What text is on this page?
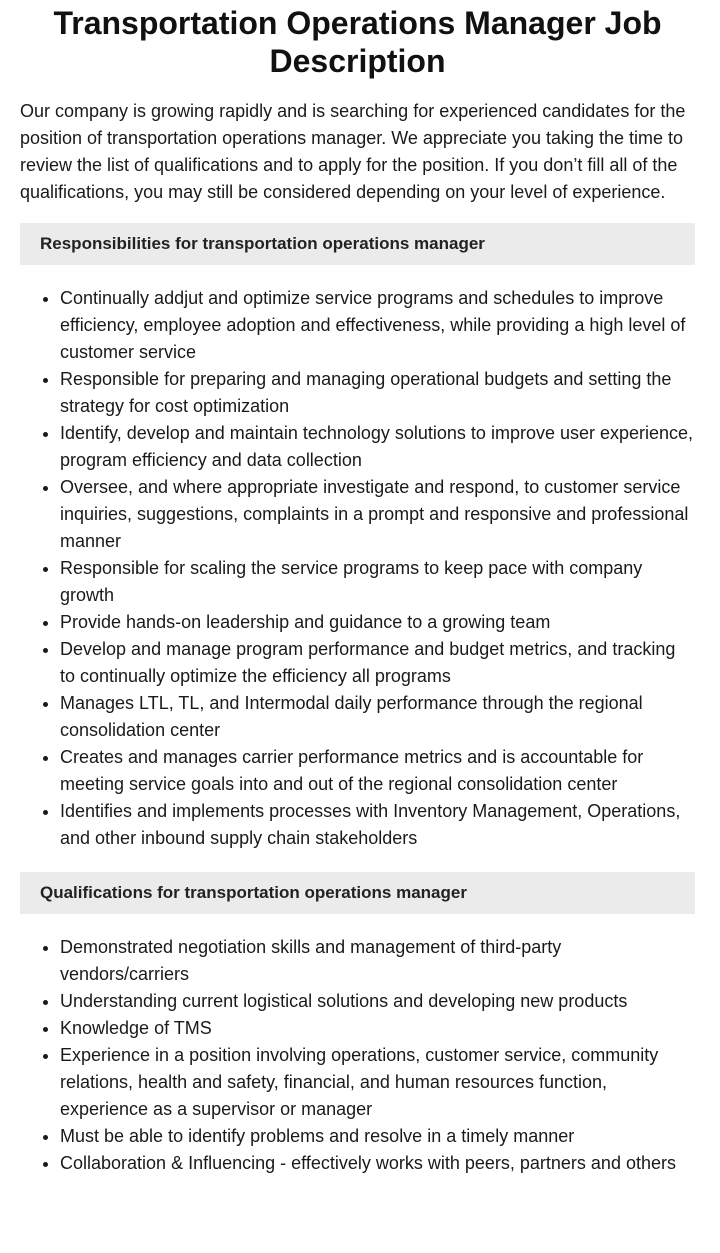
Transportation Operations Manager Job Description

Our company is growing rapidly and is searching for experienced candidates for the position of transportation operations manager. We appreciate you taking the time to review the list of qualifications and to apply for the position. If you don’t fill all of the qualifications, you may still be considered depending on your level of experience.

Responsibilities for transportation operations manager
• Continually addjut and optimize service programs and schedules to improve efficiency, employee adoption and effectiveness, while providing a high level of customer service
• Responsible for preparing and managing operational budgets and setting the strategy for cost optimization
• Identify, develop and maintain technology solutions to improve user experience, program efficiency and data collection
• Oversee, and where appropriate investigate and respond, to customer service inquiries, suggestions, complaints in a prompt and responsive and professional manner
• Responsible for scaling the service programs to keep pace with company growth
• Provide hands-on leadership and guidance to a growing team
• Develop and manage program performance and budget metrics, and tracking to continually optimize the efficiency all programs
• Manages LTL, TL, and Intermodal daily performance through the regional consolidation center
• Creates and manages carrier performance metrics and is accountable for meeting service goals into and out of the regional consolidation center
• Identifies and implements processes with Inventory Management, Operations, and other inbound supply chain stakeholders
Qualifications for transportation operations manager
• Demonstrated negotiation skills and management of third-party vendors/carriers
• Understanding current logistical solutions and developing new products
• Knowledge of TMS
• Experience in a position involving operations, customer service, community relations, health and safety, financial, and human resources function, experience as a supervisor or manager
• Must be able to identify problems and resolve in a timely manner
• Collaboration & Influencing - effectively works with peers, partners and others
